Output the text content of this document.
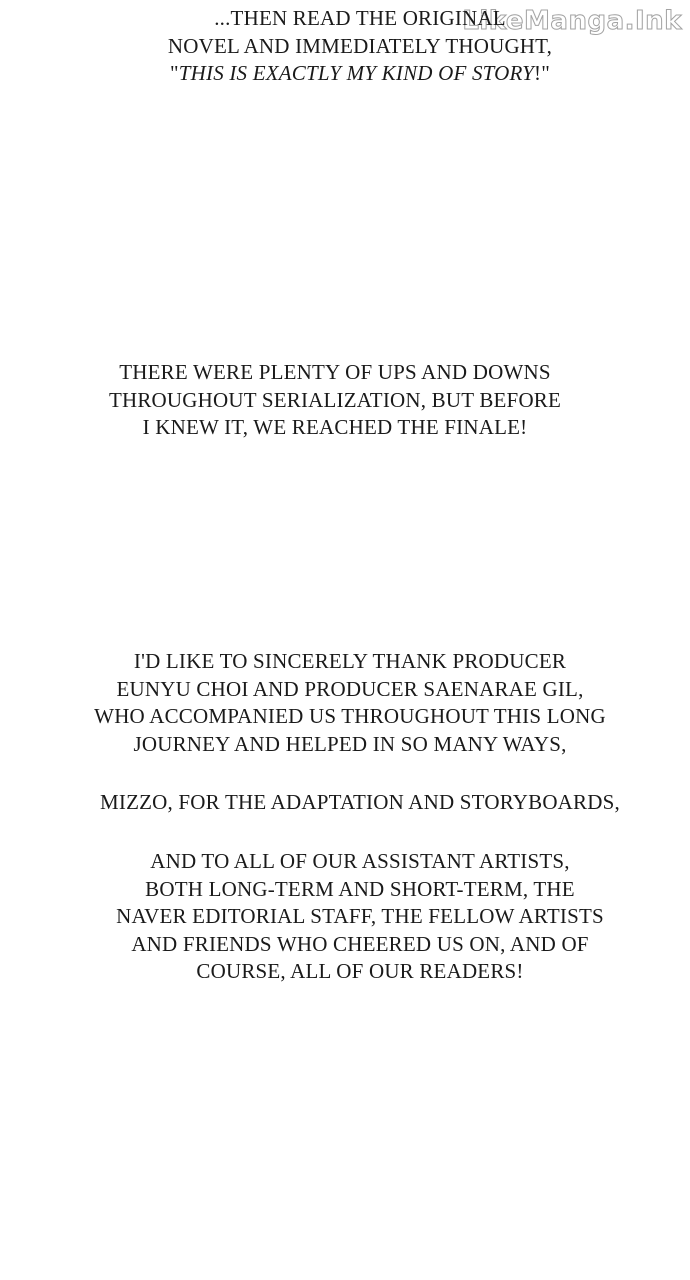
LikeManga.Ink
...THEN READ THE ORIGINAL
NOVEL AND IMMEDIATELY THOUGHT,
"THIS IS EXACTLY MY KIND OF STORY!"
THERE WERE PLENTY OF UPS AND DOWNS
THROUGHOUT SERIALIZATION, BUT BEFORE
I KNEW IT, WE REACHED THE FINALE!
I'D LIKE TO SINCERELY THANK PRODUCER
EUNYU CHOI AND PRODUCER SAENARAE GIL,
WHO ACCOMPANIED US THROUGHOUT THIS LONG
JOURNEY AND HELPED IN SO MANY WAYS,
MIZZO, FOR THE ADAPTATION AND STORYBOARDS,
AND TO ALL OF OUR ASSISTANT ARTISTS,
BOTH LONG-TERM AND SHORT-TERM, THE
NAVER EDITORIAL STAFF, THE FELLOW ARTISTS
AND FRIENDS WHO CHEERED US ON, AND OF
COURSE, ALL OF OUR READERS!
